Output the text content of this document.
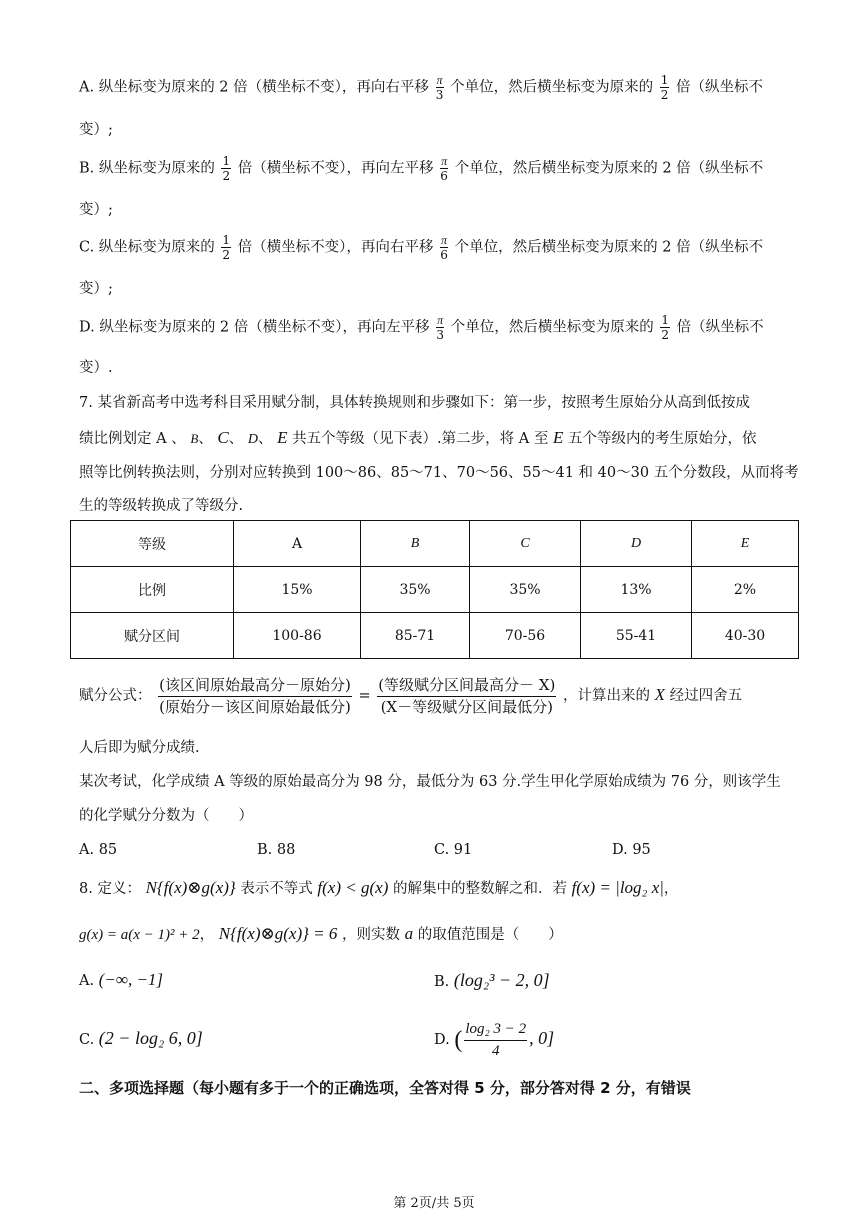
A. 纵坐标变为原来的 2 倍（横坐标不变），再向右平移 $\frac{\pi}{3}$ 个单位，然后横坐标变为原来的 $\frac{1}{2}$ 倍（纵坐标不
变）;
B. 纵坐标变为原来的 $\frac{1}{2}$ 倍（横坐标不变），再向左平移 $\frac{\pi}{6}$ 个单位，然后横坐标变为原来的 2 倍（纵坐标不
变）;
C. 纵坐标变为原来的 $\frac{1}{2}$ 倍（横坐标不变），再向右平移 $\frac{\pi}{6}$ 个单位，然后横坐标变为原来的 2 倍（纵坐标不
变）;
D. 纵坐标变为原来的 2 倍（横坐标不变），再向左平移 $\frac{\pi}{3}$ 个单位，然后横坐标变为原来的 $\frac{1}{2}$ 倍（纵坐标不
变）.
7. 某省新高考中选考科目采用赋分制，具体转换规则和步骤如下：第一步，按照考生原始分从高到低按成
绩比例划定 A 、 B、 C、 D、 E 共五个等级（见下表）.第二步，将 A 至 E 五个等级内的考生原始分，依
照等比例转换法则，分别对应转换到 100～86、85～71、70～56、55～41 和 40～30 五个分数段，从而将考
生的等级转换成了等级分.
等级	A	B	C	D	E
比例	15%	35%	35%	13%	2%
赋分区间	100-86	85-71	70-56	55-41	40-30
赋分公式： $\frac{\text{(该区间原始最高分－原始分)}}{\text{(原始分－该区间原始最低分)}} = \frac{\text{(等级赋分区间最高分－ X)}}{\text{(X－等级赋分区间最低分)}}$ ，计算出来的 X 经过四舍五
人后即为赋分成绩.
某次考试，化学成绩 A 等级的原始最高分为 98 分，最低分为 63 分.学生甲化学原始成绩为 76 分，则该学生
的化学赋分分数为（　　）
A. 85	B. 88	C. 91	D. 95
8. 定义： N{f(x)⊗g(x)} 表示不等式 f(x) < g(x) 的解集中的整数解之和．若 f(x) = |log₂ x|，
g(x) = a(x − 1)² + 2， N{f(x)⊗g(x)} = 6 ，则实数 a 的取值范围是（　　）
A. (−∞, −1]	B. (log₂³ − 2, 0]
C. (2 − log₂ 6, 0]	D. ( $\frac{\text{log₂ 3 − 2}}{4}$ , 0]
二、多项选择题（每小题有多于一个的正确选项，全答对得 5 分，部分答对得 2 分，有错误
第 2页/共 5页
